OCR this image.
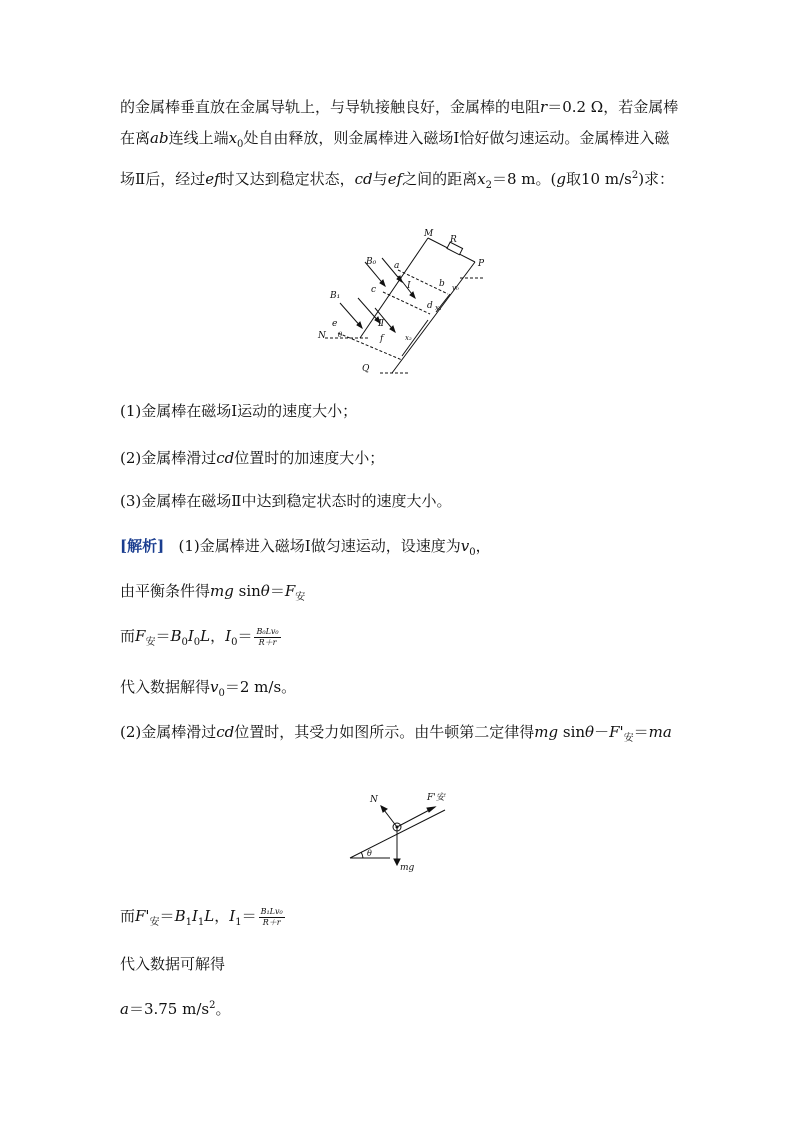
的金属棒垂直放在金属导轨上，与导轨接触良好，金属棒的电阻r＝0.2 Ω，若金属棒在离ab连线上端$x_0$处自由释放，则金属棒进入磁场Ⅰ恰好做匀速运动。金属棒进入磁场Ⅱ后，经过ef时又达到稳定状态，cd与ef之间的距离$x_2=8$ m。(g取10 $m/s^2$)求：
M
R
P
B₀ a
b v₀
B₁
c	Ⅰ
d x₁
Ⅱ
e
N θ	f	x₂
Q
(1)金属棒在磁场Ⅰ运动的速度大小；
(2)金属棒滑过cd位置时的加速度大小；
(3)金属棒在磁场Ⅱ中达到稳定状态时的速度大小。
[解析] (1)金属棒进入磁场Ⅰ做匀速运动，设速度为$v_0$，
由平衡条件得mg $\sin\theta=F_安$
而$F_安=B_0I_0L$，$I_0= \frac{\text{B₀Lv₀}}{R+r}$
代入数据解得$v_0=2$ m/s。
(2)金属棒滑过cd位置时，其受力如图所示。由牛顿第二定律得mg $\sin\theta-F'_安=ma$
N	F'安
θ
mg
而$F'_安=B_1I_1L$，$I_1= \frac{\text{B₁Lv₀}}{R+r}$
代入数据可解得
a＝3.75 $m/s^2$。
